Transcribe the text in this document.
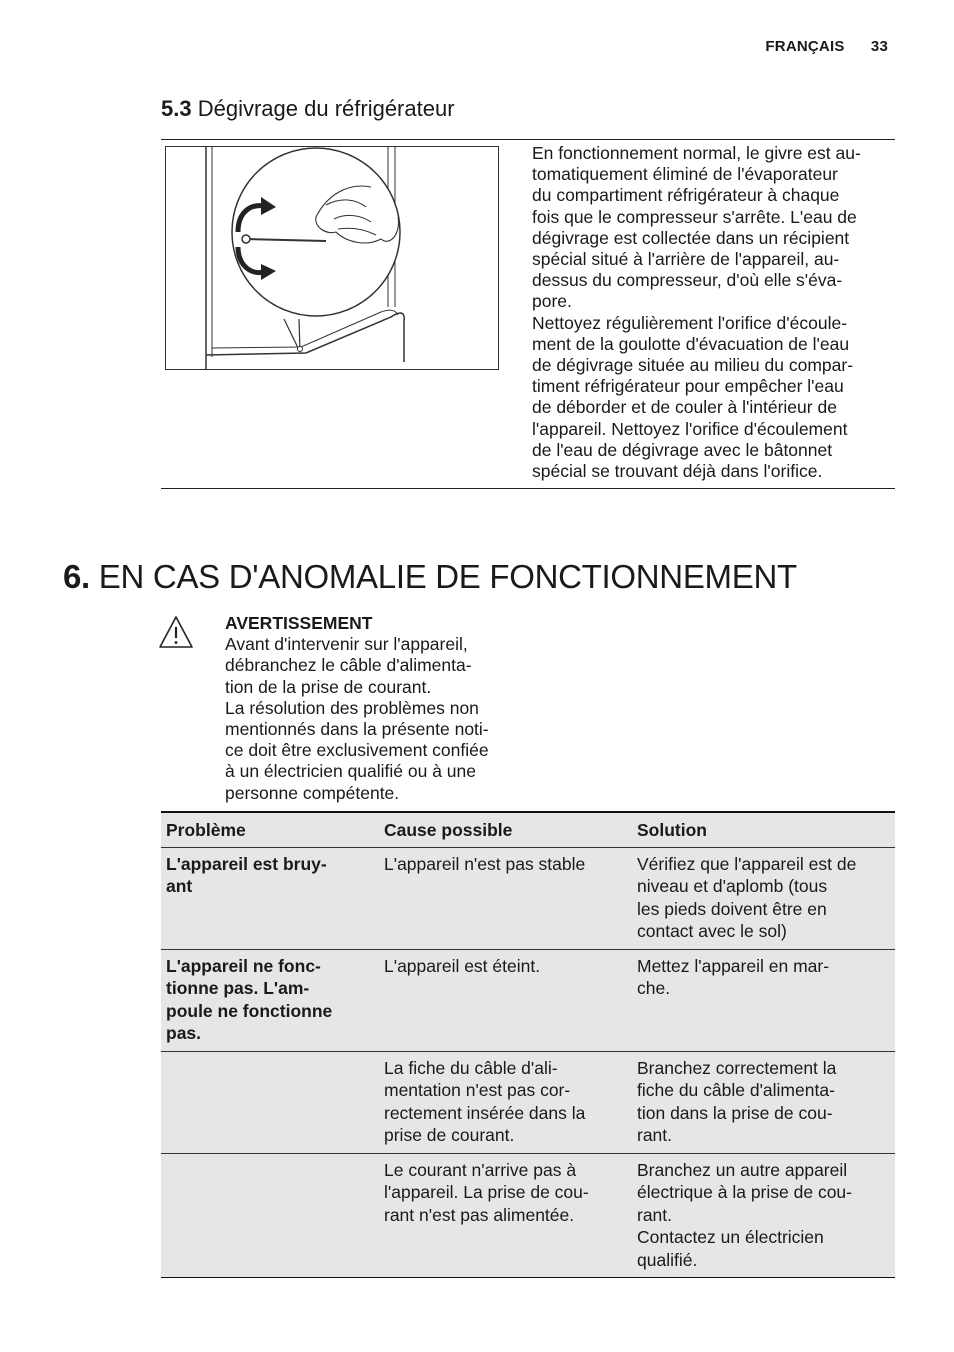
FRANÇAIS 33
5.3 Dégivrage du réfrigérateur

En fonctionnement normal, le givre est au-
tomatiquement éliminé de l'évaporateur
du compartiment réfrigérateur à chaque
fois que le compresseur s'arrête. L'eau de
dégivrage est collectée dans un récipient
spécial situé à l'arrière de l'appareil, au-
dessus du compresseur, d'où elle s'éva-
pore.
Nettoyez régulièrement l'orifice d'écoule-
ment de la goulotte d'évacuation de l'eau
de dégivrage située au milieu du compar-
timent réfrigérateur pour empêcher l'eau
de déborder et de couler à l'intérieur de
l'appareil. Nettoyez l'orifice d'écoulement
de l'eau de dégivrage avec le bâtonnet
spécial se trouvant déjà dans l'orifice.

6. EN CAS D'ANOMALIE DE FONCTIONNEMENT
AVERTISSEMENT

Avant d'intervenir sur l'appareil,
débranchez le câble d'alimenta-
tion de la prise de courant.
La résolution des problèmes non
mentionnés dans la présente noti-
ce doit être exclusivement confiée
à un électricien qualifié ou à une
personne compétente.

Problème	Cause possible	Solution

L'appareil est bruy-
ant	L'appareil n'est pas stable	Vérifiez que l'appareil est de
niveau et d'aplomb (tous
les pieds doivent être en
contact avec le sol)

L'appareil ne fonc-
tionne pas. L'am-
poule ne fonctionne
pas.	L'appareil est éteint.	Mettez l'appareil en mar-
che.

	La fiche du câble d'ali-
mentation n'est pas cor-
rectement insérée dans la
prise de courant.	Branchez correctement la
fiche du câble d'alimenta-
tion dans la prise de cou-
rant.

	Le courant n'arrive pas à
l'appareil. La prise de cou-
rant n'est pas alimentée.	Branchez un autre appareil
électrique à la prise de cou-
rant.
Contactez un électricien
qualifié.
